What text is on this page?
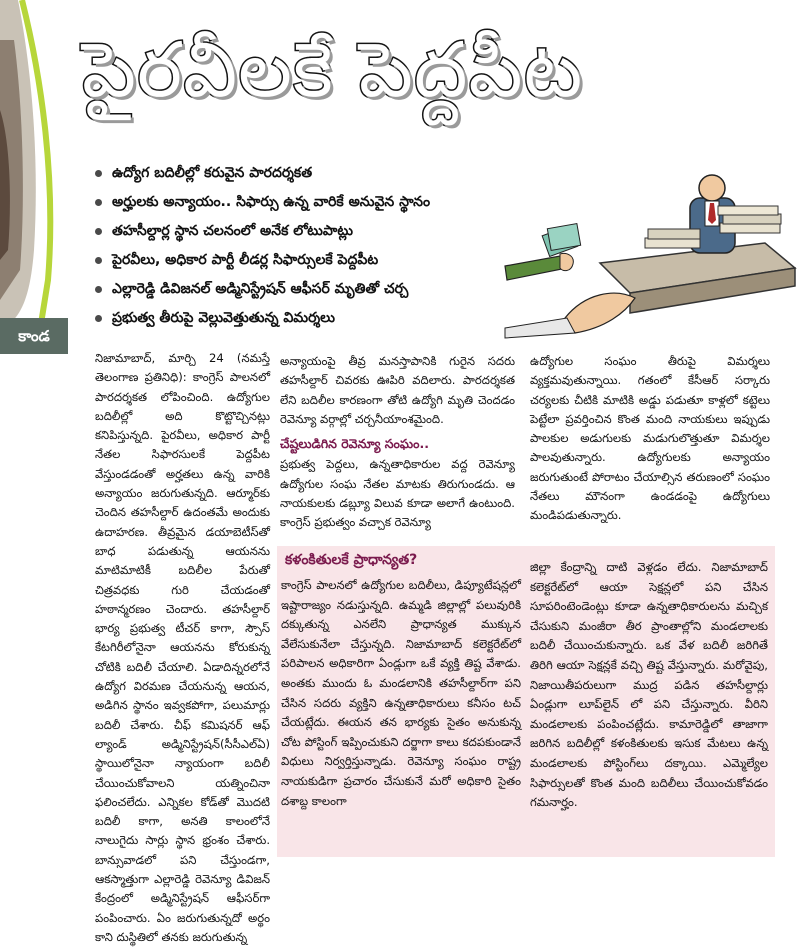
పైరవీలకే పెద్దపీట
ఉద్యోగ బదిలీల్లో కరువైన పారదర్శకత
అర్హులకు అన్యాయం.. సిఫార్సు ఉన్న వారికే అనువైన స్థానం
తహసీల్దార్ల స్థాన చలనంలో అనేక లోటుపాట్లు
పైరవీలు, అధికార పార్టీ లీడర్ల సిఫార్సులకే పెద్దపీట
ఎల్లారెడ్డి డివిజనల్ అడ్మినిస్ట్రేషన్ ఆఫీసర్ మృతితో చర్చ
ప్రభుత్వ తీరుపై వెల్లువెత్తుతున్న విమర్శలు
కాండ

నిజామాబాద్, మార్చి 24 (నమస్తే తెలంగాణ ప్రతినిధి): కాంగ్రెస్ పాలనలో పారదర్శకత లోపించింది. ఉద్యోగుల బదిలీల్లో అది కొట్టొచ్చినట్లు కనిపిస్తున్నది. పైరవీలు, అధికార పార్టీ నేతల సిఫారసులకే పెద్దపీట వేస్తుండడంతో అర్హతలు ఉన్న వారికి అన్యాయం జరుగుతున్నది. ఆర్మూర్‌కు చెందిన తహసీల్దార్ ఉదంతమే అందుకు ఉదాహరణ. తీవ్రమైన డయాబెటీస్‌తో బాధ పడుతున్న ఆయనను మాటిమాటికీ బదిలీల పేరుతో చిత్రవధకు గురి చేయడంతో హఠాన్మరణం చెందారు. తహసీల్దార్ భార్య ప్రభుత్వ టీచర్ కాగా, స్పౌస్ కేటగిరీలోనైనా ఆయనను కోరుకున్న చోటికి బదిలీ చేయాలి. ఏడాదిన్నరలోనే ఉద్యోగ విరమణ చేయనున్న ఆయన, అడిగిన స్థానం ఇవ్వకపోగా, పలుమార్లు బదిలీ చేశారు. చీఫ్ కమిషనర్ ఆఫ్ ల్యాండ్ అడ్మినిస్ట్రేషన్(సీసీఎల్ఏ) స్థాయిలోనైనా న్యాయంగా బదిలీ చేయించుకోవాలని యత్నించినా ఫలించలేదు. ఎన్నికల కోడ్‌తో మొదటి బదిలీ కాగా, అనతి కాలంలోనే నాలుగైదు సార్లు స్థాన భ్రంశం చేశారు. బాన్సువాడలో పని చేస్తుండగా, ఆకస్మాత్తుగా ఎల్లారెడ్డి రెవెన్యూ డివిజన్ కేంద్రంలో అడ్మినిస్ట్రేషన్ ఆఫీసర్‌గా పంపించారు. ఏం జరుగుతున్నదో అర్థం కాని దుస్థితిలో తనకు జరుగుతున్న

అన్యాయంపై తీవ్ర మనస్తాపానికి గురైన సదరు తహసీల్దార్ చివరకు ఊపిరి వదిలారు. పారదర్శకత లేని బదిలీల కారణంగా తోటి ఉద్యోగి మృతి చెందడం రెవెన్యూ వర్గాల్లో చర్చనీయాంశమైంది.

చేష్టలుడిగిన రెవెన్యూ సంఘం..

ప్రభుత్వ పెద్దలు, ఉన్నతాధికారుల వద్ద రెవెన్యూ ఉద్యోగుల సంఘ నేతల మాటకు తిరుగుండదు. ఆ నాయకులకు డబ్ల్యూ విలువ కూడా అలాగే ఉంటుంది. కాంగ్రెస్ ప్రభుత్వం వచ్చాక రెవెన్యూ

ఉద్యోగుల సంఘం తీరుపై విమర్శలు వ్యక్తమవుతున్నాయి. గతంలో కేసీఆర్ సర్కారు చర్యలకు చీటికి మాటికి అడ్డు పడుతూ కాళ్లలో కట్టెలు పెట్టేలా ప్రవర్తించిన కొంత మంది నాయకులు ఇప్పుడు పాలకుల అడుగులకు మడుగులొత్తుతూ విమర్శల పాలవుతున్నారు. ఉద్యోగులకు అన్యాయం జరుగుతుంటే పోరాటం చేయాల్సిన తరుణంలో సంఘం నేతలు మౌనంగా ఉండడంపై ఉద్యోగులు మండిపడుతున్నారు.

కళంకితులకే ప్రాధాన్యత?

కాంగ్రెస్ పాలనలో ఉద్యోగుల బదిలీలు, డిప్యూటేషన్లలో ఇష్టారాజ్యం నడుస్తున్నది. ఉమ్మడి జిల్లాల్లో పలువురికి దక్కుతున్న ఎనలేని ప్రాధాన్యత ముక్కున వేలేసుకునేలా చేస్తున్నది. నిజామాబాద్ కలెక్టరేట్‌లో పరిపాలన అధికారిగా ఏండ్లుగా ఒకే వ్యక్తి తిష్ట వేశాడు. అంతకు ముందు ఓ మండలానికి తహసీల్దార్‌గా పని చేసిన సదరు వ్యక్తిని ఉన్నతాధికారులు కనీసం టచ్ చేయట్లేదు. ఈయన తన భార్యకు సైతం అనుకున్న చోట పోస్టింగ్ ఇప్పించుకుని దర్జాగా కాలు కదపకుండానే విధులు నిర్వర్తిస్తున్నాడు. రెవెన్యూ సంఘం రాష్ట్ర నాయకుడిగా ప్రచారం చేసుకునే మరో అధికారి సైతం దశాబ్ద కాలంగా

జిల్లా కేంద్రాన్ని దాటి వెళ్లడం లేదు. నిజామాబాద్ కలెక్టరేట్‌లో ఆయా సెక్షన్లలో పని చేసిన సూపరింటెండెంట్లు కూడా ఉన్నతాధికారులను మచ్చిక చేసుకుని మంజీరా తీర ప్రాంతాల్లోని మండలాలకు బదిలీ చేయించుకున్నారు. ఒక వేళ బదిలీ జరిగితే తిరిగి ఆయా సెక్షన్లకే వచ్చి తిష్ట వేస్తున్నారు. మరోవైపు, నిజాయితీపరులుగా ముద్ర పడిన తహసీల్దార్లు ఏండ్లుగా లూప్‌లైన్ లో పని చేస్తున్నారు. వీరిని మండలాలకు పంపించట్లేదు. కామారెడ్డిలో తాజాగా జరిగిన బదిలీల్లో కళంకితులకు ఇసుక మేటలు ఉన్న మండలాలకు పోస్టింగ్‌లు దక్కాయి. ఎమ్మెల్యేల సిఫార్సులతో కొంత మంది బదిలీలు చేయించుకోవడం గమనార్హం.
